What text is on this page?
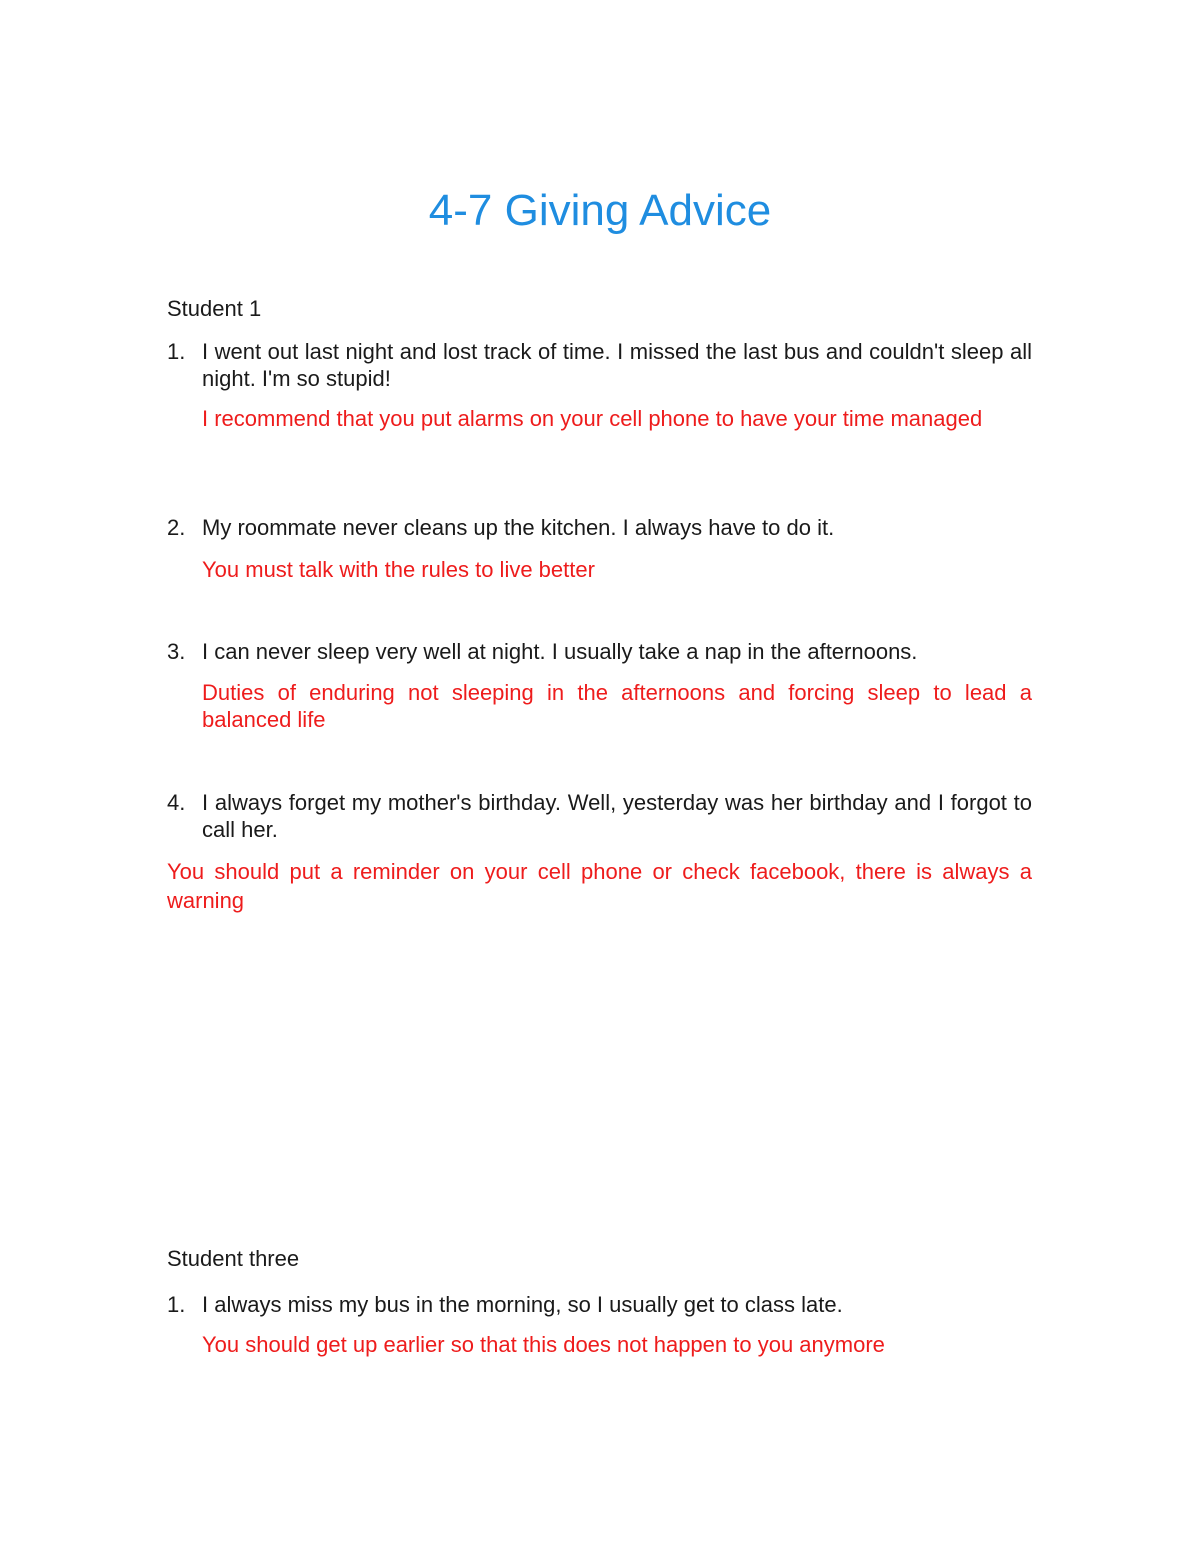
4-7 Giving Advice

Student 1

1. I went out last night and lost track of time. I missed the last bus and couldn't sleep all night. I'm so stupid!

I recommend that you put alarms on your cell phone to have your time managed

2. My roommate never cleans up the kitchen. I always have to do it.

You must talk with the rules to live better

3. I can never sleep very well at night. I usually take a nap in the afternoons.

Duties of enduring not sleeping in the afternoons and forcing sleep to lead a balanced life

4. I always forget my mother's birthday. Well, yesterday was her birthday and I forgot to call her.

You should put a reminder on your cell phone or check facebook, there is always a warning

Student three

1. I always miss my bus in the morning, so I usually get to class late.

You should get up earlier so that this does not happen to you anymore
